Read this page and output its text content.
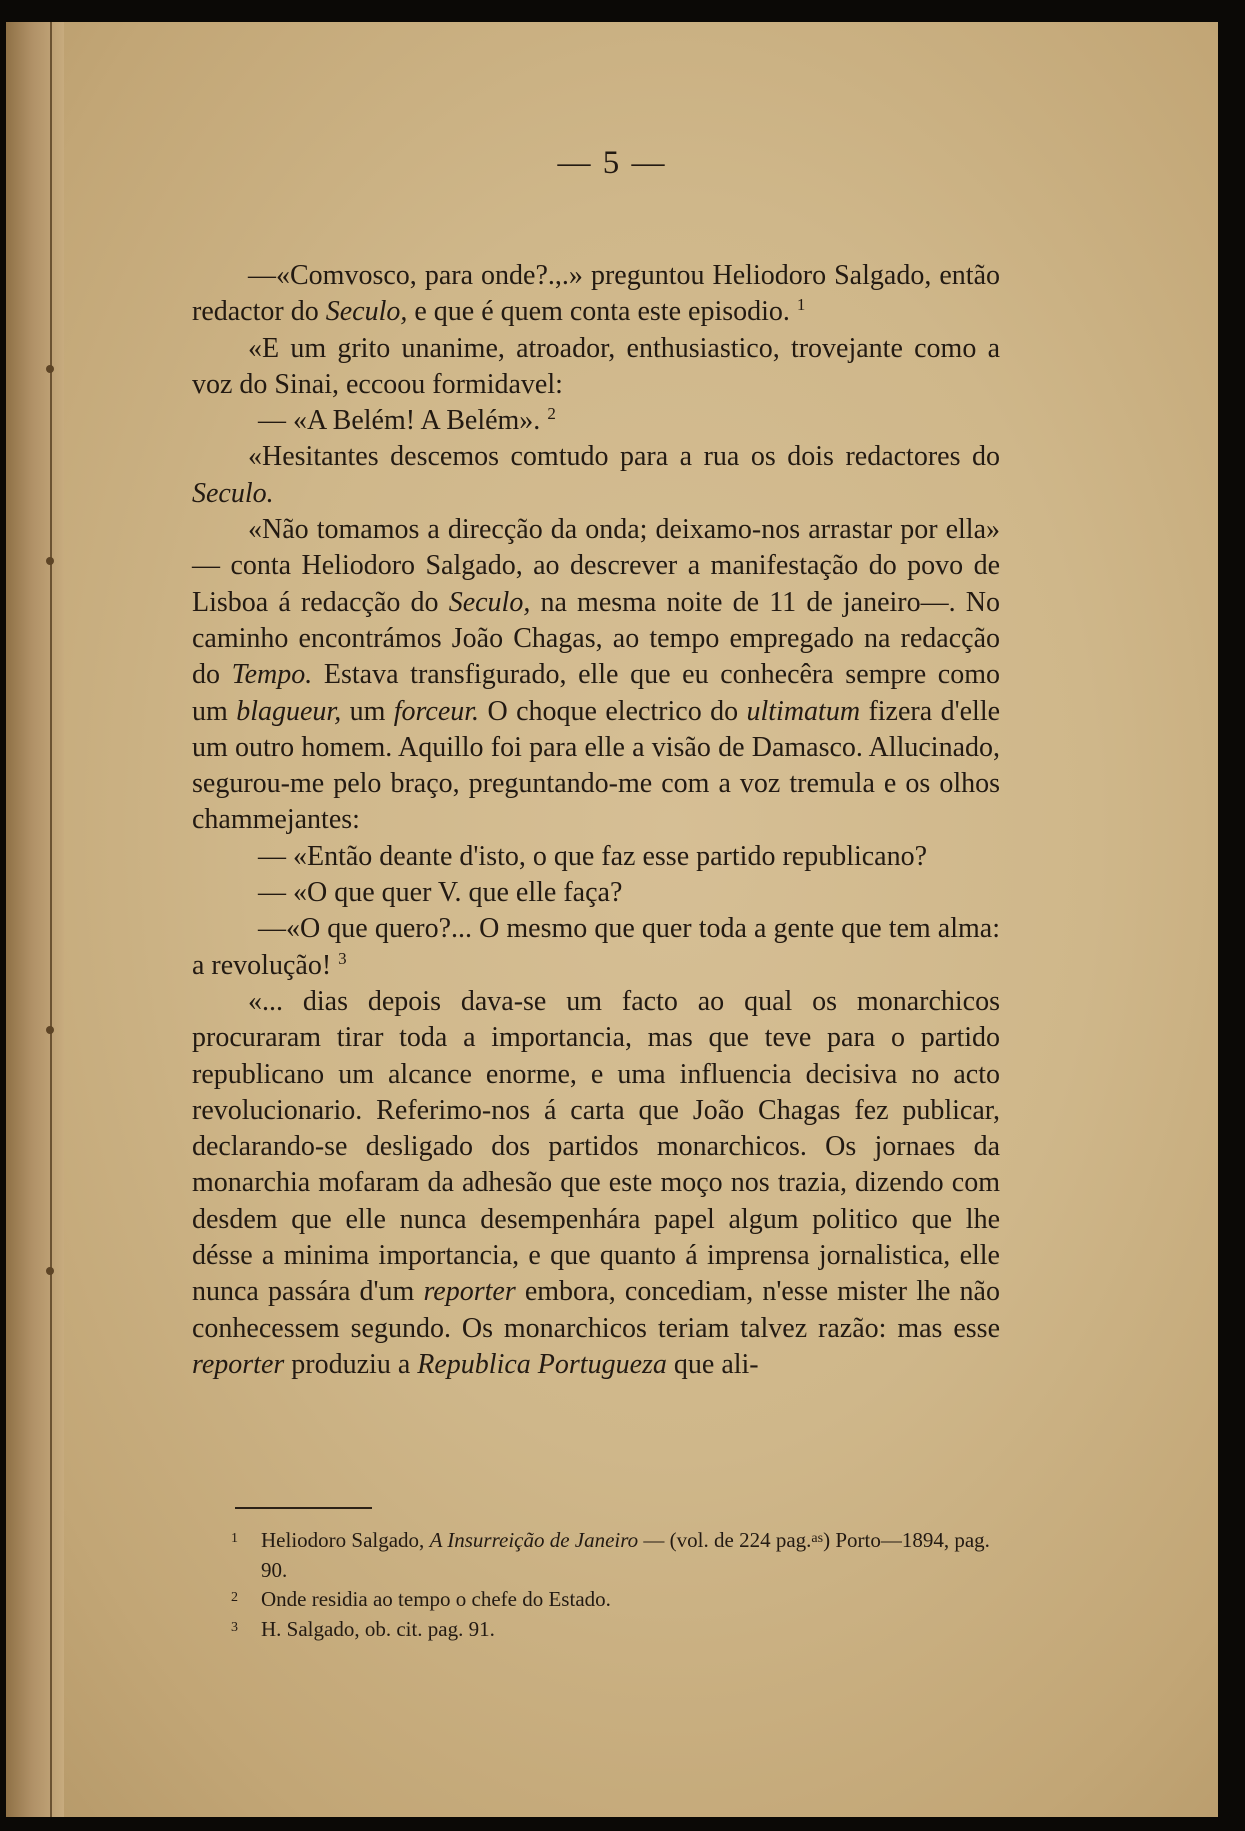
— 5 —

—«Comvosco, para onde?.,.» preguntou Heliodoro Salgado, então redactor do Seculo, e que é quem conta este episodio. $^1$

«E um grito unanime, atroador, enthusiastico, trovejante como a voz do Sinai, eccoou formidavel:

— «A Belém! A Belém». $^2$

«Hesitantes descemos comtudo para a rua os dois redactores do Seculo.

«Não tomamos a direcção da onda; deixamo-nos arrastar por ella» — conta Heliodoro Salgado, ao descrever a manifestação do povo de Lisboa á redacção do Seculo, na mesma noite de 11 de janeiro—. No caminho encontrámos João Chagas, ao tempo empregado na redacção do Tempo. Estava transfigurado, elle que eu conhecêra sempre como um blagueur, um forceur. O choque electrico do ultimatum fizera d'elle um outro homem. Aquillo foi para elle a visão de Damasco. Allucinado, segurou-me pelo braço, preguntando-me com a voz tremula e os olhos chammejantes:

— «Então deante d'isto, o que faz esse partido republicano?

— «O que quer V. que elle faça?

—«O que quero?... O mesmo que quer toda a gente que tem alma: a revolução! $^3$

«... dias depois dava-se um facto ao qual os monarchicos procuraram tirar toda a importancia, mas que teve para o partido republicano um alcance enorme, e uma influencia decisiva no acto revolucionario. Referimo-nos á carta que João Chagas fez publicar, declarando-se desligado dos partidos monarchicos. Os jornaes da monarchia mofaram da adhesão que este moço nos trazia, dizendo com desdem que elle nunca desempenhára papel algum politico que lhe désse a minima importancia, e que quanto á imprensa jornalistica, elle nunca passára d'um reporter embora, concediam, n'esse mister lhe não conhecessem segundo. Os monarchicos teriam talvez razão: mas esse reporter produziu a Republica Portugueza que ali-

1 Heliodoro Salgado, A Insurreição de Janeiro — (vol. de 224 pag.$^{as}$) Porto—1894, pag. 90.

2 Onde residia ao tempo o chefe do Estado.

3 H. Salgado, ob. cit. pag. 91.
